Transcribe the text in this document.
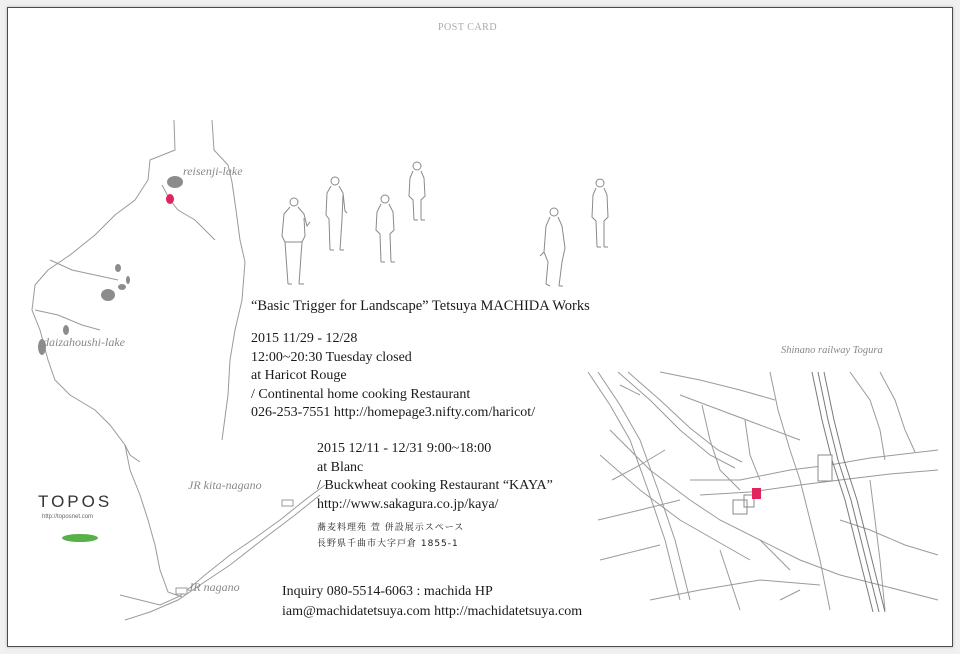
POST CARD

“Basic Trigger for Landscape” Tetsuya MACHIDA Works

2015 11/29 - 12/28
12:00~20:30 Tuesday closed
at Haricot Rouge
/ Continental home cooking Restaurant
026-253-7551 http://homepage3.nifty.com/haricot/
2015 12/11 - 12/31 9:00~18:00
at Blanc
/ Buckwheat cooking Restaurant “KAYA”
http://www.sakagura.co.jp/kaya/
蕎麦料理苑 萱 併設展示スペース
長野県千曲市大字戸倉 1855-1
Inquiry 080-5514-6063 : machida HP
iam@machidatetsuya.com http://machidatetsuya.com

reisenji-lake

daizahoushi-lake

JR kita-nagano

JR nagano

Shinano railway Togura

TOPOS

http://toposnet.com
